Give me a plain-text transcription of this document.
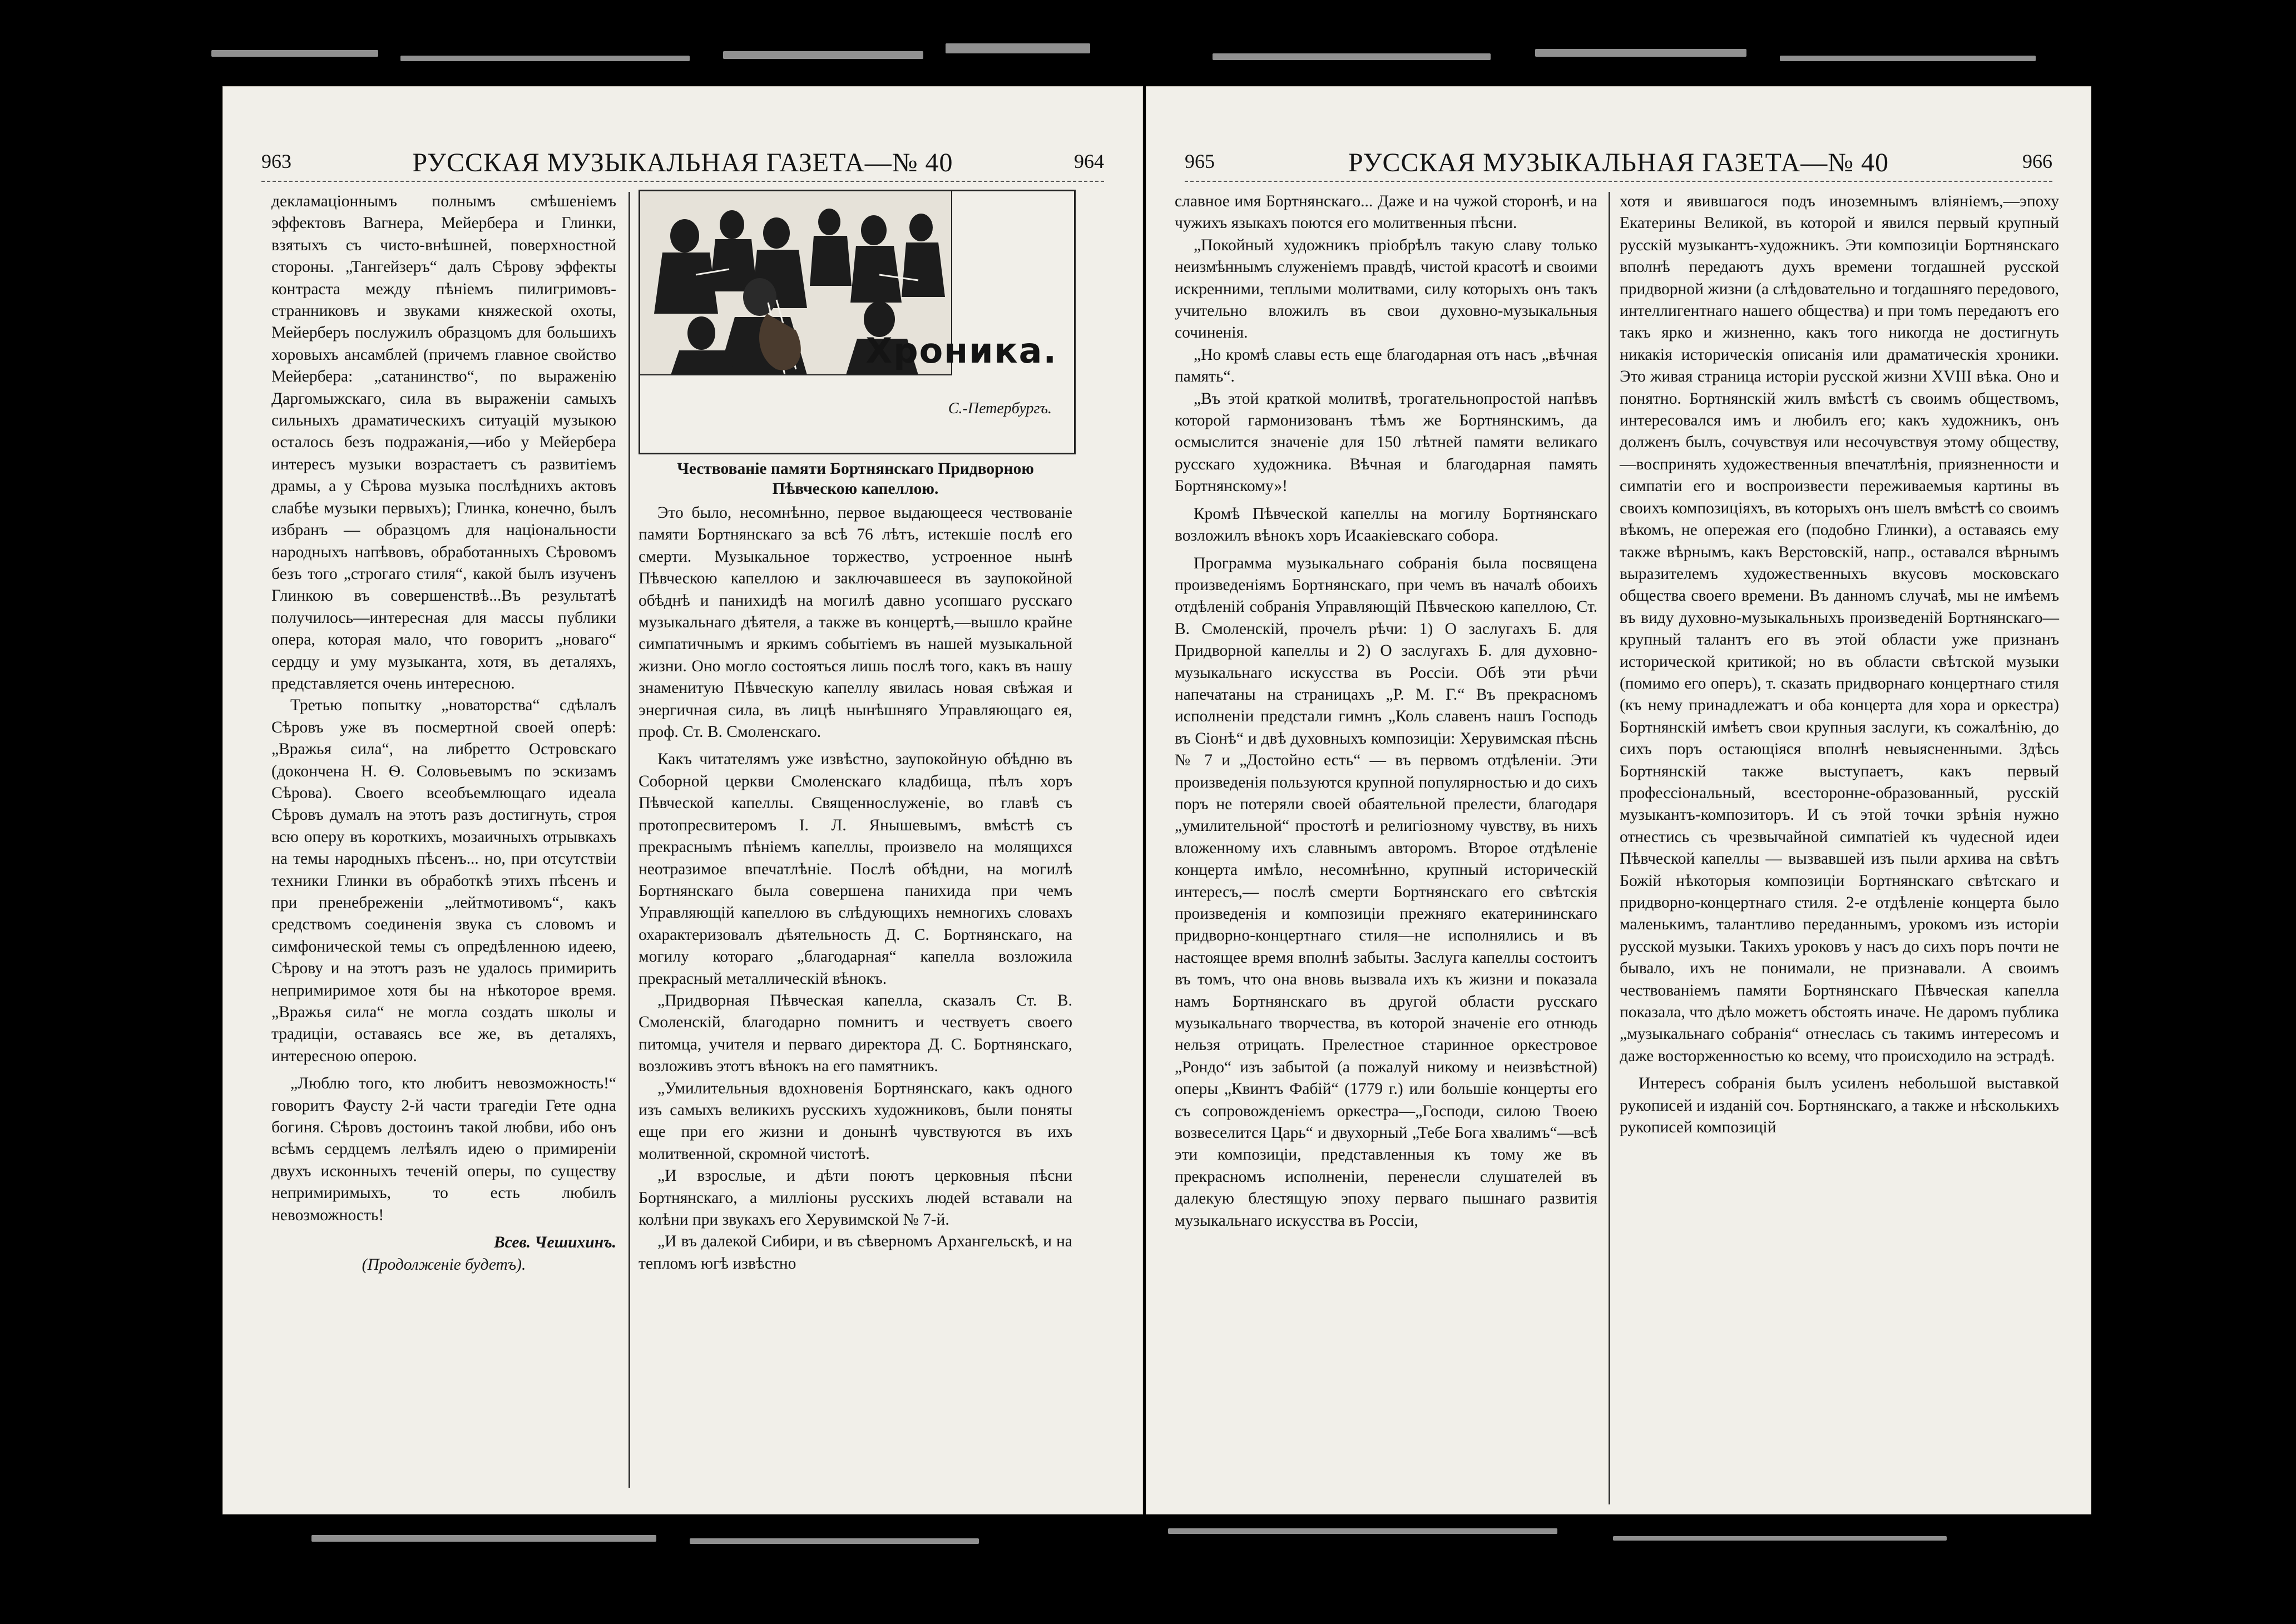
963	РУССКАЯ МУЗЫКАЛЬНАЯ ГАЗЕТА—№ 40	964

декламаціоннымъ полнымъ смѣшеніемъ эффектовъ Вагнера, Мейербера и Глинки, взятыхъ съ чисто-внѣшней, поверхностной стороны. „Тангейзеръ“ далъ Сѣрову эффекты контраста между пѣніемъ пилигримовъ-странниковъ и звуками княжеской охоты, Мейерберъ послужилъ образцомъ для большихъ хоровыхъ ансамблей (причемъ главное свойство Мейербера: „сатанинство“, по выраженію Даргомыжскаго, сила въ выраженіи самыхъ сильныхъ драматическихъ ситуацій музыкою осталось безъ подражанія,—ибо у Мейербера интересъ музыки возрастаетъ съ развитіемъ драмы, а у Сѣрова музыка послѣднихъ актовъ слабѣе музыки первыхъ); Глинка, конечно, былъ избранъ — образцомъ для національности народныхъ напѣвовъ, обработанныхъ Сѣровомъ безъ того „строгаго стиля“, какой былъ изученъ Глинкою въ совершенствѣ...Въ результатѣ получилось—интересная для массы публики опера, которая мало, что говоритъ „новаго“ сердцу и уму музыканта, хотя, въ деталяхъ, представляется очень интересною.

Третью попытку „новаторства“ сдѣлалъ Сѣровъ уже въ посмертной своей оперѣ: „Вражья сила“, на либретто Островскаго (докончена Н. Ѳ. Соловьевымъ по эскизамъ Сѣрова). Своего всеобъемлющаго идеала Сѣровъ думалъ на этотъ разъ достигнуть, строя всю оперу въ короткихъ, мозаичныхъ отрывкахъ на темы народныхъ пѣсенъ... но, при отсутствіи техники Глинки въ обработкѣ этихъ пѣсенъ и при пренебреженіи „лейтмотивомъ“, какъ средствомъ соединенія звука съ словомъ и симфонической темы съ опредѣленною идеею, Сѣрову и на этотъ разъ не удалось примирить непримиримое хотя бы на нѣкоторое время. „Вражья сила“ не могла создать школы и традиціи, оставаясь все же, въ деталяхъ, интересною оперою.

„Люблю того, кто любитъ невозможность!“ говоритъ Фаусту 2-й части трагедіи Гете одна богиня. Сѣровъ достоинъ такой любви, ибо онъ всѣмъ сердцемъ лелѣялъ идею о примиреніи двухъ исконныхъ теченій оперы, по существу непримиримыхъ, то есть любилъ невозможность!

Всев. Чешихинъ.
(Продолженіе будетъ).
Хроника.
С.-Петербургъ.

Чествованіе памяти Бортнянскаго Придворною Пѣвческою капеллою.

Это было, несомнѣнно, первое выдающееся чествованіе памяти Бортнянскаго за всѣ 76 лѣтъ, истекшіе послѣ его смерти. Музыкальное торжество, устроенное нынѣ Пѣвческою капеллою и заключавшееся въ заупокойной обѣднѣ и панихидѣ на могилѣ давно усопшаго русскаго музыкальнаго дѣятеля, а также въ концертѣ,—вышло крайне симпатичнымъ и яркимъ событіемъ въ нашей музыкальной жизни. Оно могло состояться лишь послѣ того, какъ въ нашу знаменитую Пѣвческую капеллу явилась новая свѣжая и энергичная сила, въ лицѣ нынѣшняго Управляющаго ея, проф. Ст. В. Смоленскаго.

Какъ читателямъ уже извѣстно, заупокойную обѣдню въ Соборной церкви Смоленскаго кладбища, пѣлъ хоръ Пѣвческой капеллы. Священнослуженіе, во главѣ съ протопресвитеромъ І. Л. Янышевымъ, вмѣстѣ съ прекраснымъ пѣніемъ капеллы, произвело на молящихся неотразимое впечатлѣніе. Послѣ обѣдни, на могилѣ Бортнянскаго была совершена панихида при чемъ Управляющій капеллою въ слѣдующихъ немногихъ словахъ охарактеризовалъ дѣятельность Д. С. Бортнянскаго, на могилу котораго „благодарная“ капелла возложила прекрасный металлическій вѣнокъ.

„Придворная Пѣвческая капелла, сказалъ Ст. В. Смоленскій, благодарно помнитъ и чествуетъ своего питомца, учителя и перваго директора Д. С. Бортнянскаго, возложивъ этотъ вѣнокъ на его памятникъ.

„Умилительныя вдохновенія Бортнянскаго, какъ одного изъ самыхъ великихъ русскихъ художниковъ, были поняты еще при его жизни и донынѣ чувствуются въ ихъ молитвенной, скромной чистотѣ.

„И взрослые, и дѣти поютъ церковныя пѣсни Бортнянскаго, а милліоны русскихъ людей вставали на колѣни при звукахъ его Херувимской № 7-й.

„И въ далекой Сибири, и въ сѣверномъ Архангельскѣ, и на тепломъ югѣ извѣстно

965	РУССКАЯ МУЗЫКАЛЬНАЯ ГАЗЕТА—№ 40	966

славное имя Бортнянскаго... Даже и на чужой сторонѣ, и на чужихъ языкахъ поются его молитвенныя пѣсни.

„Покойный художникъ пріобрѣлъ такую славу только неизмѣннымъ служеніемъ правдѣ, чистой красотѣ и своими искренними, теплыми молитвами, силу которыхъ онъ такъ учительно вложилъ въ свои духовно-музыкальныя сочиненія.

„Но кромѣ славы есть еще благодарная отъ насъ „вѣчная память“.

„Въ этой краткой молитвѣ, трогательнопростой напѣвъ которой гармонизованъ тѣмъ же Бортнянскимъ, да осмыслится значеніе для 150 лѣтней памяти великаго русскаго художника. Вѣчная и благодарная память Бортнянскому»!

Кромѣ Пѣвческой капеллы на могилу Бортнянскаго возложилъ вѣнокъ хоръ Исаакіевскаго собора.

Программа музыкальнаго собранія была посвящена произведеніямъ Бортнянскаго, при чемъ въ началѣ обоихъ отдѣленій собранія Управляющій Пѣвческою капеллою, Ст. В. Смоленскій, прочелъ рѣчи: 1) О заслугахъ Б. для Придворной капеллы и 2) О заслугахъ Б. для духовно-музыкальнаго искусства въ Россіи. Обѣ эти рѣчи напечатаны на страницахъ „Р. М. Г.“ Въ прекрасномъ исполненіи предстали гимнъ „Коль славенъ нашъ Господь въ Сіонѣ“ и двѣ духовныхъ композиціи: Херувимская пѣснь № 7 и „Достойно есть“ — въ первомъ отдѣленіи. Эти произведенія пользуются крупной популярностью и до сихъ поръ не потеряли своей обаятельной прелести, благодаря „умилительной“ простотѣ и религіозному чувству, въ нихъ вложенному ихъ славнымъ авторомъ. Второе отдѣленіе концерта имѣло, несомнѣнно, крупный историческій интересъ,— послѣ смерти Бортнянскаго его свѣтскія произведенія и композиціи прежняго екатерининскаго придворно-концертнаго стиля—не исполнялись и въ настоящее время вполнѣ забыты. Заслуга капеллы состоитъ въ томъ, что она вновь вызвала ихъ къ жизни и показала намъ Бортнянскаго въ другой области русскаго музыкальнаго творчества, въ которой значеніе его отнюдь нельзя отрицать. Прелестное старинное оркестровое „Рондо“ изъ забытой (а пожалуй никому и неизвѣстной) оперы „Квинтъ Фабій“ (1779 г.) или большіе концерты его съ сопровожденіемъ оркестра—„Господи, силою Твоею возвеселится Царь“ и двухорный „Тебе Бога хвалимъ“—всѣ эти композиціи, представленныя къ тому же въ прекрасномъ исполненіи, перенесли слушателей въ далекую блестящую эпоху перваго пышнаго развитія музыкальнаго искусства въ Россіи,

хотя и явившагося подъ иноземнымъ вліяніемъ,—эпоху Екатерины Великой, въ которой и явился первый крупный русскій музыкантъ-художникъ. Эти композиціи Бортнянскаго вполнѣ передаютъ духъ времени тогдашней русской придворной жизни (а слѣдовательно и тогдашняго передового, интеллигентнаго нашего общества) и при томъ передаютъ его такъ ярко и жизненно, какъ того никогда не достигнуть никакія историческія описанія или драматическія хроники. Это живая страница исторіи русской жизни XVIII вѣка. Оно и понятно. Бортнянскій жилъ вмѣстѣ съ своимъ обществомъ, интересовался имъ и любилъ его; какъ художникъ, онъ долженъ былъ, сочувствуя или несочувствуя этому обществу,—воспринять художественныя впечатлѣнія, приязненности и симпатіи его и воспроизвести переживаемыя картины въ своихъ композиціяхъ, въ которыхъ онъ шелъ вмѣстѣ со своимъ вѣкомъ, не опережая его (подобно Глинки), а оставаясь ему также вѣрнымъ, какъ Верстовскій, напр., оставался вѣрнымъ выразителемъ художественныхъ вкусовъ московскаго общества своего времени. Въ данномъ случаѣ, мы не имѣемъ въ виду духовно-музыкальныхъ произведеній Бортнянскаго—крупный талантъ его въ этой области уже признанъ исторической критикой; но въ области свѣтской музыки (помимо его оперъ), т. сказать придворнаго концертнаго стиля (къ нему принадлежатъ и оба концерта для хора и оркестра) Бортнянскій имѣетъ свои крупныя заслуги, къ сожалѣнію, до сихъ поръ остающіяся вполнѣ невыясненными. Здѣсь Бортнянскій также выступаетъ, какъ первый профессіональный, всесторонне-образованный, русскій музыкантъ-композиторъ. И съ этой точки зрѣнія нужно отнестись съ чрезвычайной симпатіей къ чудесной идеи Пѣвческой капеллы — вызвавшей изъ пыли архива на свѣтъ Божій нѣкоторыя композиціи Бортнянскаго свѣтскаго и придворно-концертнаго стиля. 2-е отдѣленіе концерта было маленькимъ, талантливо переданнымъ, урокомъ изъ исторіи русской музыки. Такихъ уроковъ у насъ до сихъ поръ почти не бывало, ихъ не понимали, не признавали. А своимъ чествованіемъ памяти Бортнянскаго Пѣвческая капелла показала, что дѣло можетъ обстоять иначе. Не даромъ публика „музыкальнаго собранія“ отнеслась съ такимъ интересомъ и даже восторженностью ко всему, что происходило на эстрадѣ.

Интересъ собранія былъ усиленъ небольшой выставкой рукописей и изданій соч. Бортнянскаго, а также и нѣсколькихъ рукописей композицій
